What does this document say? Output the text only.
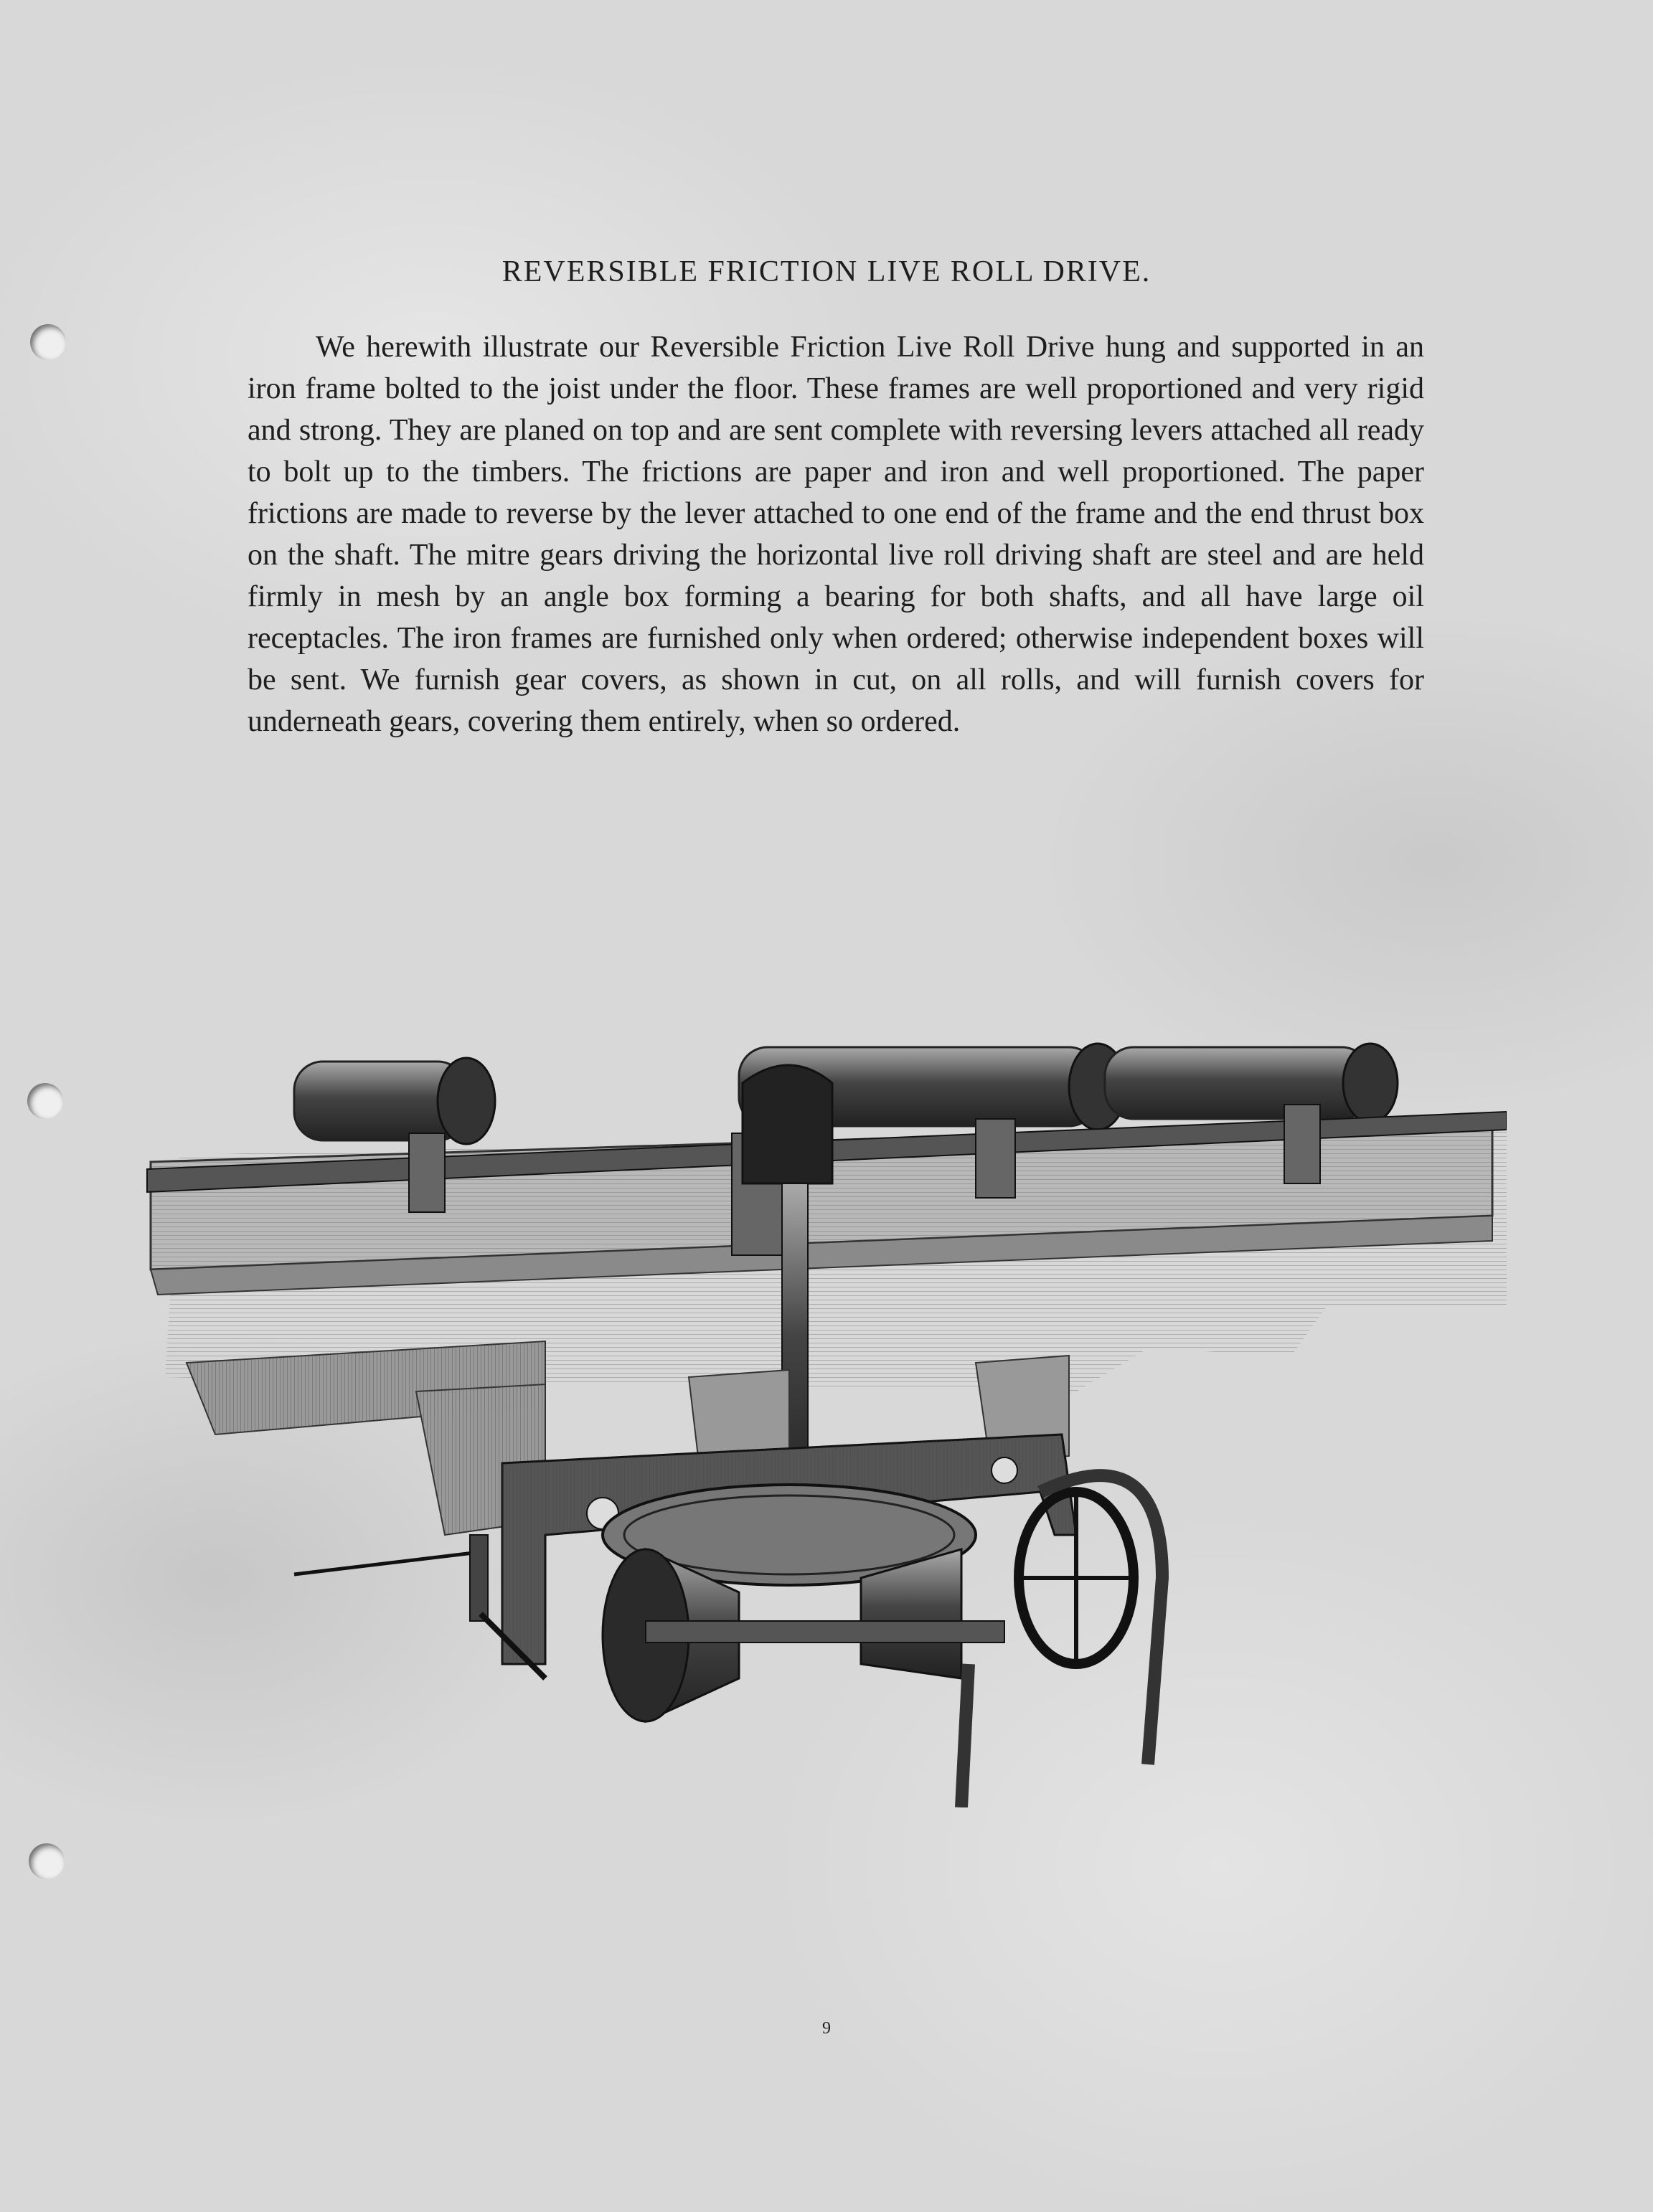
REVERSIBLE FRICTION LIVE ROLL DRIVE.

We herewith illustrate our Reversible Friction Live Roll Drive hung and supported in an iron frame bolted to the joist under the floor. These frames are well proportioned and very rigid and strong. They are planed on top and are sent complete with reversing levers attached all ready to bolt up to the timbers. The frictions are paper and iron and well proportioned. The paper frictions are made to reverse by the lever attached to one end of the frame and the end thrust box on the shaft. The mitre gears driving the horizontal live roll driving shaft are steel and are held firmly in mesh by an angle box forming a bearing for both shafts, and all have large oil receptacles. The iron frames are furnished only when ordered; otherwise independent boxes will be sent. We furnish gear covers, as shown in cut, on all rolls, and will furnish covers for underneath gears, covering them entirely, when so ordered.

9
